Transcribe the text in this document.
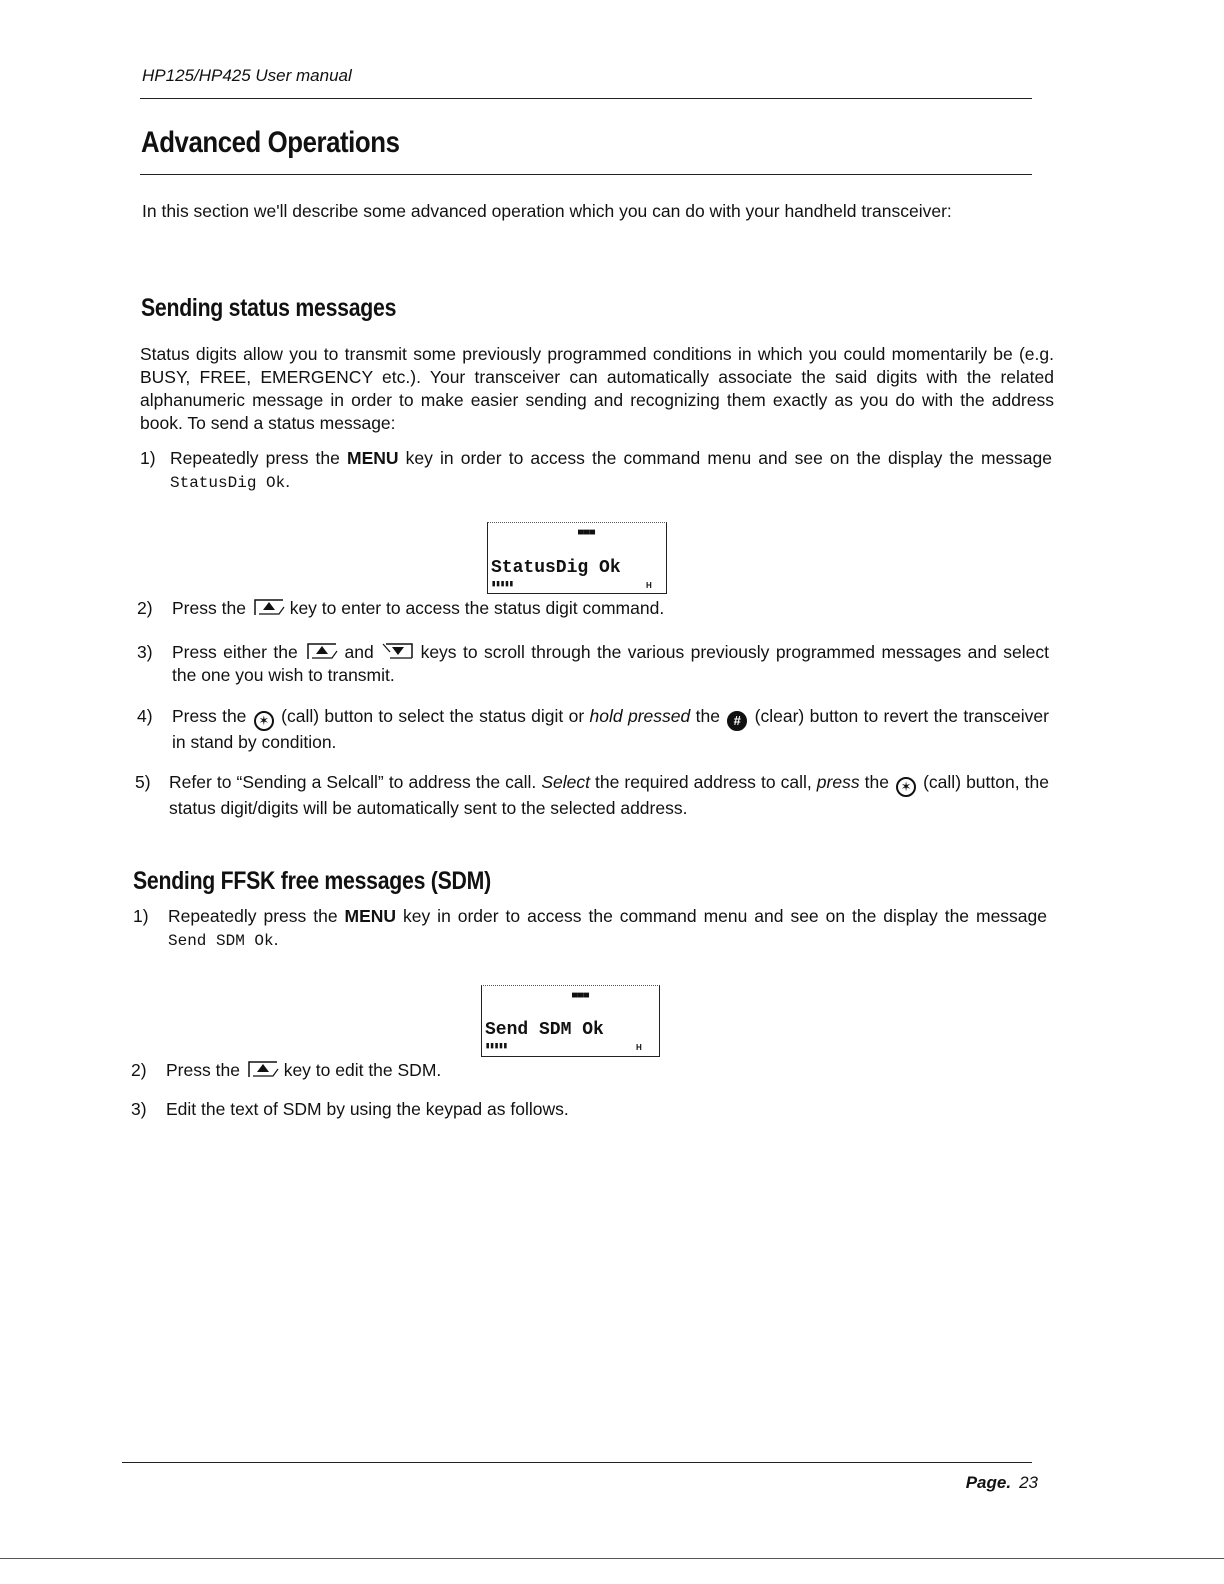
HP125/HP425 User manual
Advanced Operations
In this section we'll describe some advanced operation which you can do with your handheld transceiver:
Sending status messages
Status digits allow you to transmit some previously programmed conditions in which you could momentarily be (e.g. BUSY, FREE, EMERGENCY etc.). Your transceiver can automatically associate the said digits with the related alphanumeric message in order to make easier sending and recognizing them exactly as you do with the address book. To send a status message:
1) Repeatedly press the MENU key in order to access the command menu and see on the display the message StatusDig Ok.
▄▄▄
StatusDig Ok
▮▮▮▮▮	H
2) Press the	key to enter to access the status digit command.
3) Press either the	and	keys to scroll through the various previously programmed messages and select the one you wish to transmit.
4) Press the ✶ (call) button to select the status digit or hold pressed the # (clear) button to revert the transceiver in stand by condition.
5) Refer to “Sending a Selcall” to address the call. Select the required address to call, press the ✶ (call) button, the status digit/digits will be automatically sent to the selected address.
Sending FFSK free messages (SDM)
1) Repeatedly press the MENU key in order to access the command menu and see on the display the message Send SDM Ok.
▄▄▄
Send SDM Ok
▮▮▮▮▮	H
2) Press the	key to edit the SDM.
3) Edit the text of SDM by using the keypad as follows.
Page. 23
